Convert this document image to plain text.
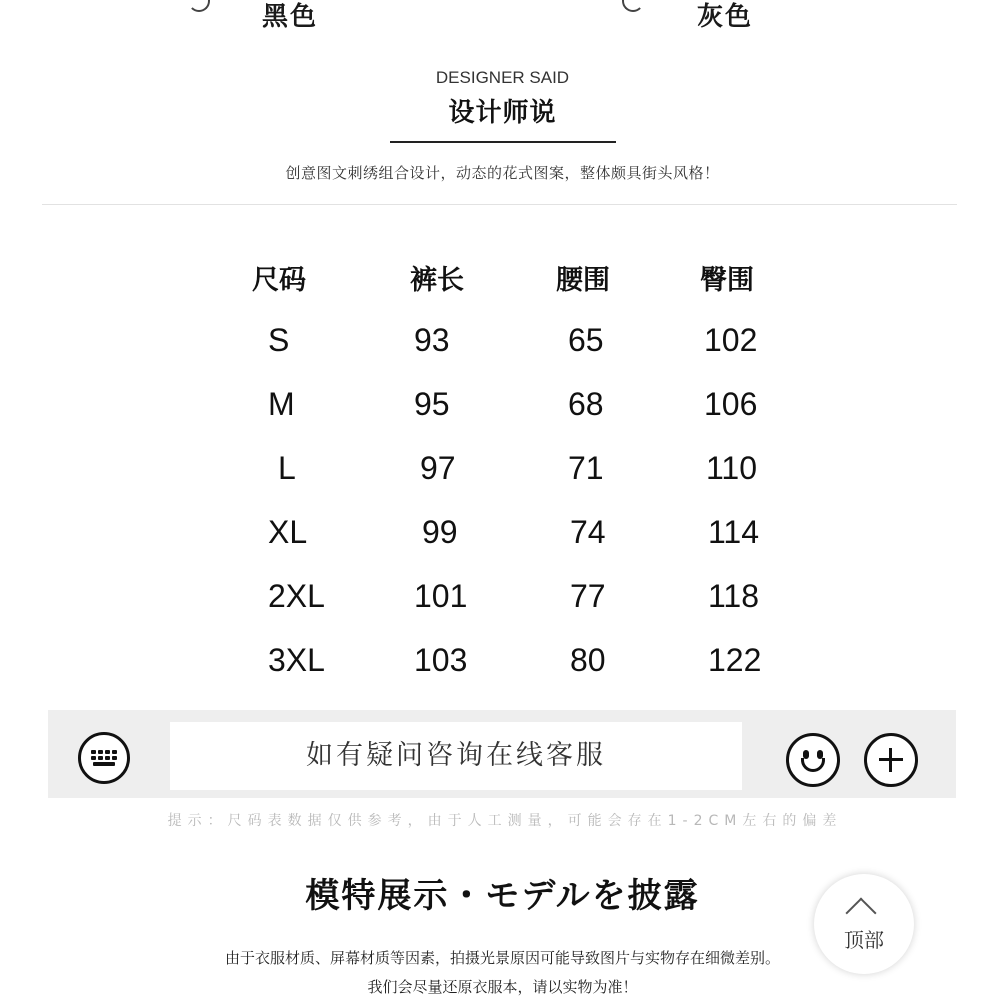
黑色	灰色
DESIGNER SAID
设计师说
创意图文刺绣组合设计，动态的花式图案，整体颇具街头风格！
尺码	裤长	腰围	臀围
S	93	65	102
M	95	68	106
L	97	71	110
XL	99	74	114
2XL	101	77	118
3XL	103	80	122
如有疑问咨询在线客服
提示：尺码表数据仅供参考，由于人工测量，可能会存在1-2CM左右的偏差
模特展示・モデルを披露
由于衣服材质、屏幕材质等因素，拍摄光景原因可能导致图片与实物存在细微差别。
我们会尽量还原衣服本，请以实物为准！
顶部
